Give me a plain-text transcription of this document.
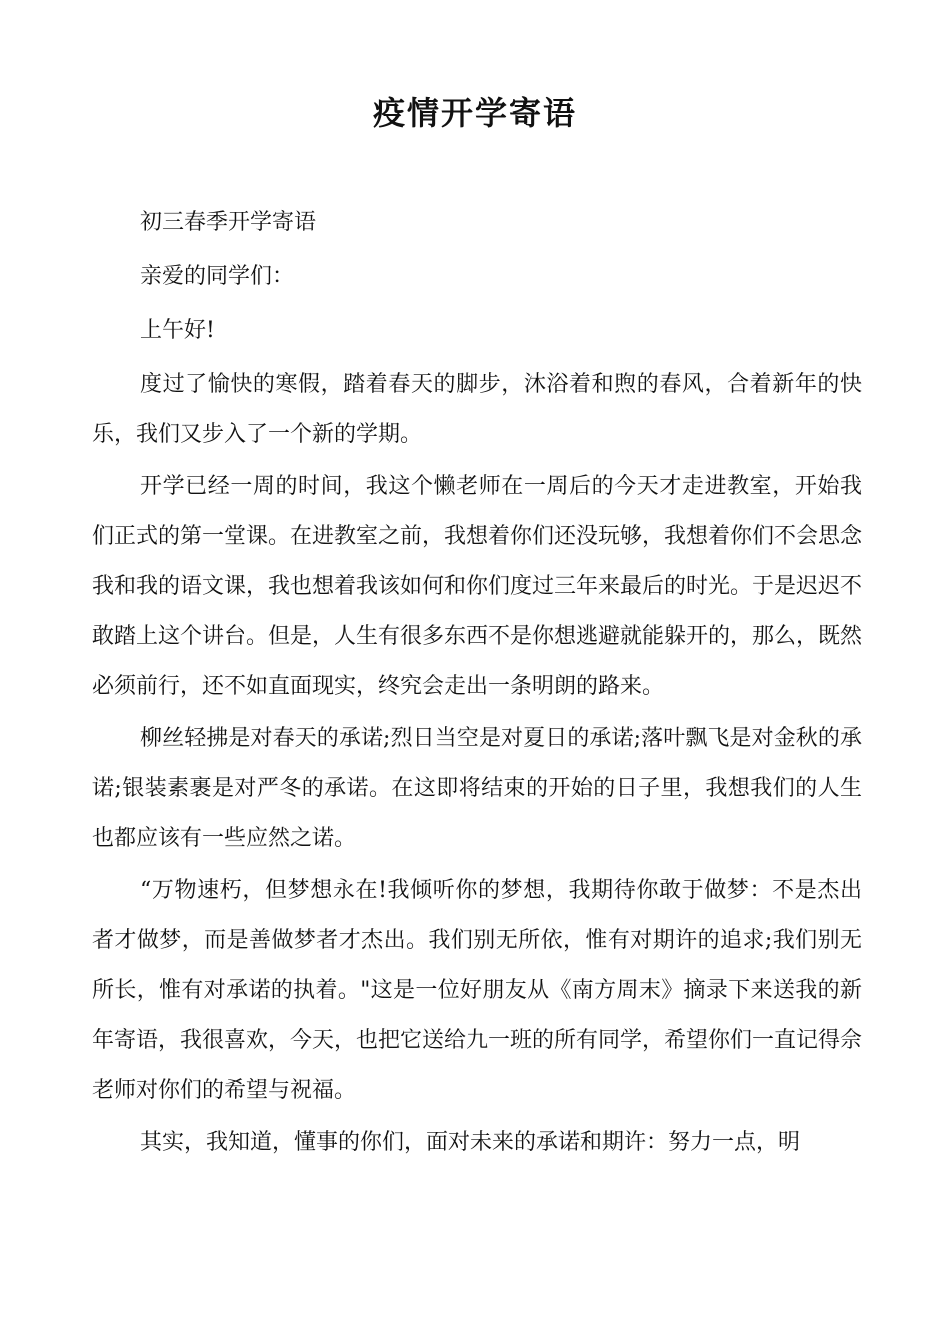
疫情开学寄语

初三春季开学寄语

亲爱的同学们：

上午好!

度过了愉快的寒假，踏着春天的脚步，沐浴着和煦的春风，合着新年的快乐，我们又步入了一个新的学期。

开学已经一周的时间，我这个懒老师在一周后的今天才走进教室，开始我们正式的第一堂课。在进教室之前，我想着你们还没玩够，我想着你们不会思念我和我的语文课，我也想着我该如何和你们度过三年来最后的时光。于是迟迟不敢踏上这个讲台。但是，人生有很多东西不是你想逃避就能躲开的，那么，既然必须前行，还不如直面现实，终究会走出一条明朗的路来。

柳丝轻拂是对春天的承诺;烈日当空是对夏日的承诺;落叶飘飞是对金秋的承诺;银装素裹是对严冬的承诺。在这即将结束的开始的日子里，我想我们的人生也都应该有一些应然之诺。

“万物速朽，但梦想永在!我倾听你的梦想，我期待你敢于做梦：不是杰出者才做梦，而是善做梦者才杰出。我们别无所依，惟有对期许的追求;我们别无所长，惟有对承诺的执着。"这是一位好朋友从《南方周末》摘录下来送我的新年寄语，我很喜欢，今天，也把它送给九一班的所有同学，希望你们一直记得佘老师对你们的希望与祝福。

其实，我知道，懂事的你们，面对未来的承诺和期许：努力一点，明
